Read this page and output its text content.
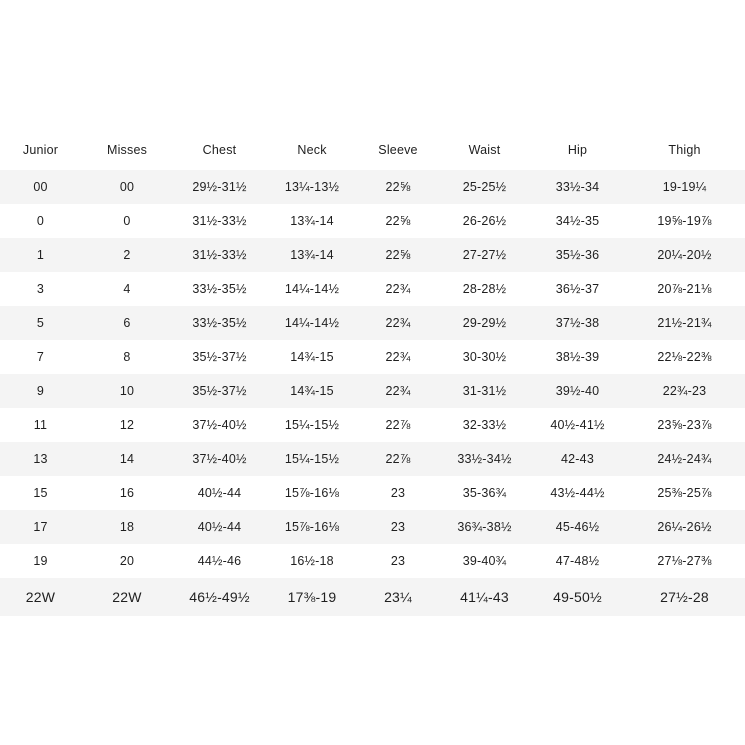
Junior	Misses	Chest	Neck	Sleeve	Waist	Hip	Thigh
00	00	29½-31½	13¼-13½	22⅝	25-25½	33½-34	19-19¼
0	0	31½-33½	13¾-14	22⅝	26-26½	34½-35	19⅝-19⅞
1	2	31½-33½	13¾-14	22⅝	27-27½	35½-36	20¼-20½
3	4	33½-35½	14¼-14½	22¾	28-28½	36½-37	20⅞-21⅛
5	6	33½-35½	14¼-14½	22¾	29-29½	37½-38	21½-21¾
7	8	35½-37½	14¾-15	22¾	30-30½	38½-39	22⅛-22⅜
9	10	35½-37½	14¾-15	22¾	31-31½	39½-40	22¾-23
11	12	37½-40½	15¼-15½	22⅞	32-33½	40½-41½	23⅝-23⅞
13	14	37½-40½	15¼-15½	22⅞	33½-34½	42-43	24½-24¾
15	16	40½-44	15⅞-16⅛	23	35-36¾	43½-44½	25⅜-25⅞
17	18	40½-44	15⅞-16⅛	23	36¾-38½	45-46½	26¼-26½
19	20	44½-46	16½-18	23	39-40¾	47-48½	27⅛-27⅜
22W	22W	46½-49½	17⅜-19	23¼	41¼-43	49-50½	27½-28
